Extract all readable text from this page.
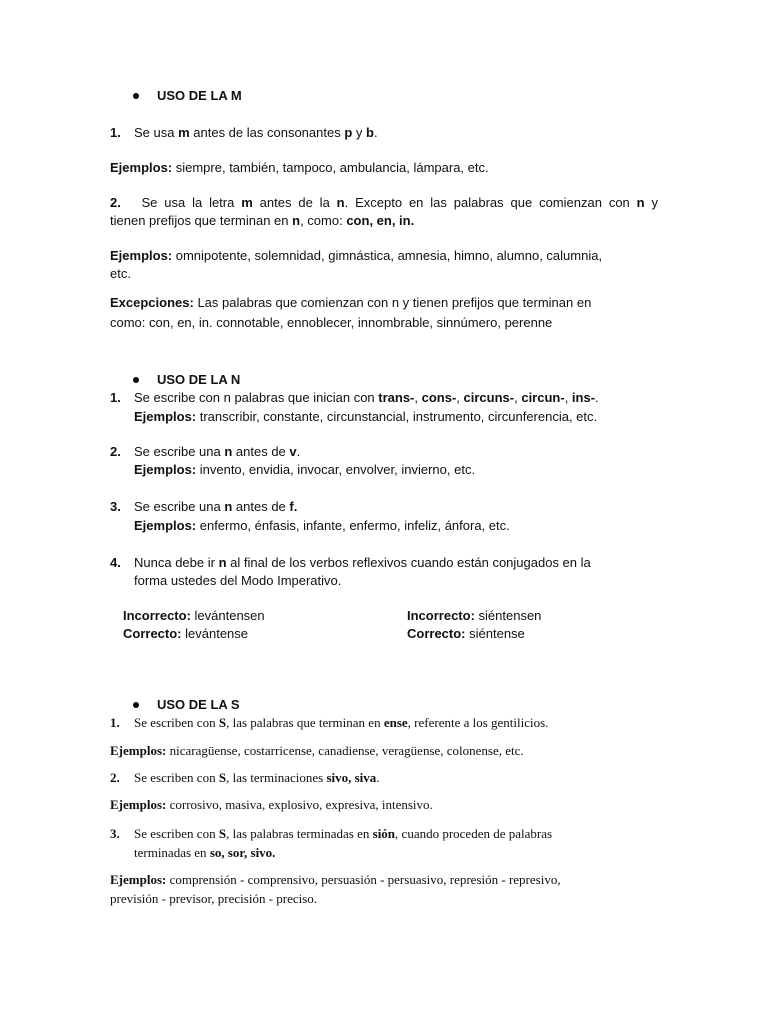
USO DE LA M
1. Se usa m antes de las consonantes p y b.
Ejemplos: siempre, también, tampoco, ambulancia, lámpara, etc.
2. Se usa la letra m antes de la n. Excepto en las palabras que comienzan con n y
tienen prefijos que terminan en n, como: con, en, in.
Ejemplos: omnipotente, solemnidad, gimnástica, amnesia, himno, alumno, calumnia,
etc.
Excepciones: Las palabras que comienzan con n y tienen prefijos que terminan en
como: con, en, in. connotable, ennoblecer, innombrable, sinnúmero, perenne
USO DE LA N
1. Se escribe con n palabras que inician con trans-, cons-, circuns-, circun-, ins-.
Ejemplos: transcribir, constante, circunstancial, instrumento, circunferencia, etc.
2. Se escribe una n antes de v.
Ejemplos: invento, envidia, invocar, envolver, invierno, etc.
3. Se escribe una n antes de f.
Ejemplos: enfermo, énfasis, infante, enfermo, infeliz, ánfora, etc.
4. Nunca debe ir n al final de los verbos reflexivos cuando están conjugados en la
forma ustedes del Modo Imperativo.
Incorrecto: levántensen
Correcto: levántense
Incorrecto: siéntensen
Correcto: siéntense
USO DE LA S
1. Se escriben con S, las palabras que terminan en ense, referente a los gentilicios.
Ejemplos: nicaragüense, costarricense, canadiense, veragüense, colonense, etc.
2. Se escriben con S, las terminaciones sivo, siva.
Ejemplos: corrosivo, masiva, explosivo, expresiva, intensivo.
3. Se escriben con S, las palabras terminadas en sión, cuando proceden de palabras
terminadas en so, sor, sivo.
Ejemplos: comprensión - comprensivo, persuasión - persuasivo, represión - represivo,
previsión - previsor, precisión - preciso.
